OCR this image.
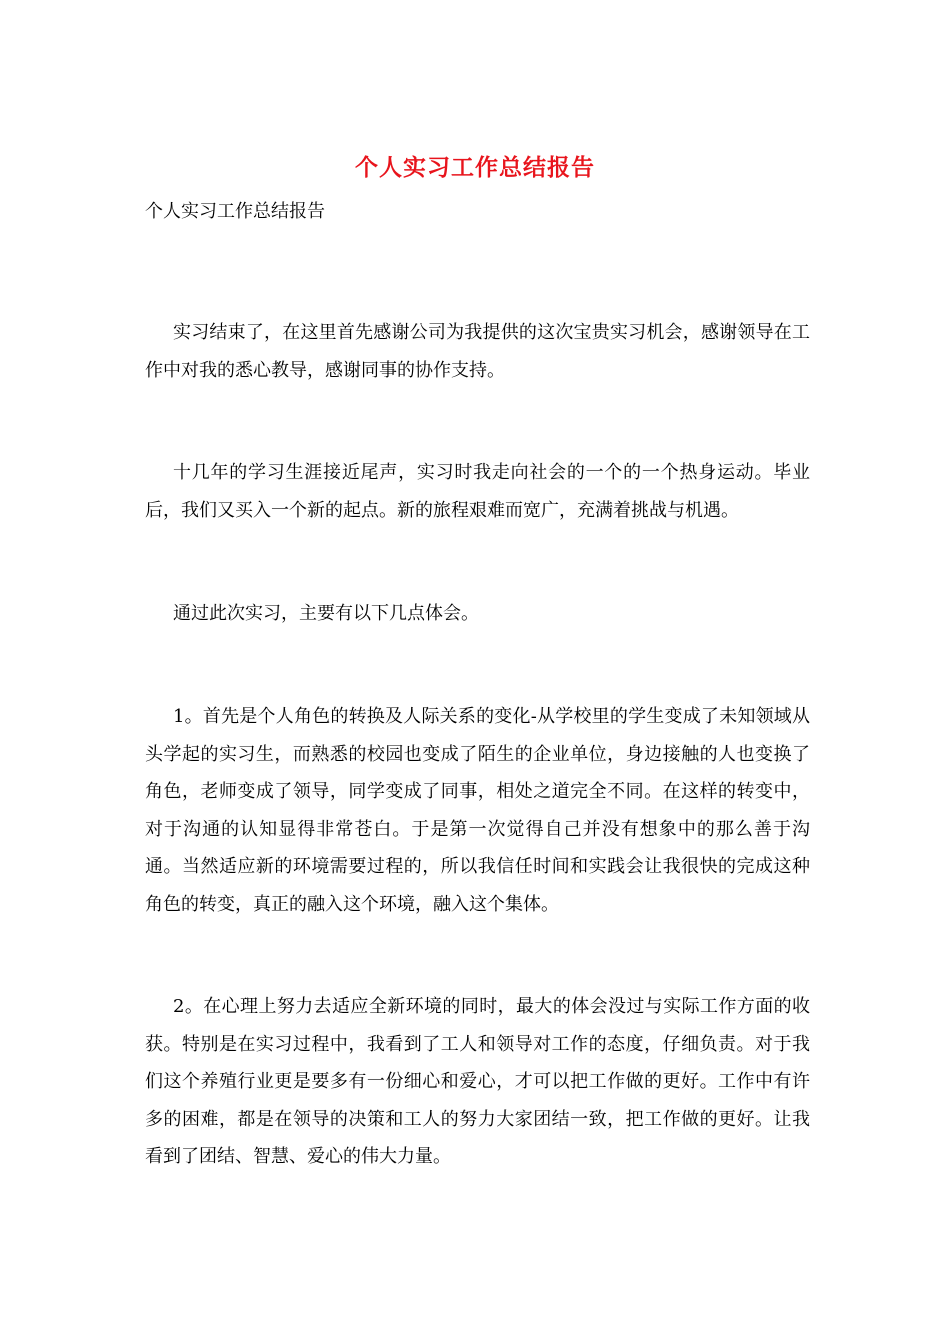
个人实习工作总结报告
个人实习工作总结报告

实习结束了，在这里首先感谢公司为我提供的这次宝贵实习机会，感谢领导在工作中对我的悉心教导，感谢同事的协作支持。

十几年的学习生涯接近尾声，实习时我走向社会的一个的一个热身运动。毕业后，我们又买入一个新的起点。新的旅程艰难而宽广，充满着挑战与机遇。

通过此次实习，主要有以下几点体会。

1。首先是个人角色的转换及人际关系的变化-从学校里的学生变成了未知领域从头学起的实习生，而熟悉的校园也变成了陌生的企业单位，身边接触的人也变换了角色，老师变成了领导，同学变成了同事，相处之道完全不同。在这样的转变中，对于沟通的认知显得非常苍白。于是第一次觉得自己并没有想象中的那么善于沟通。当然适应新的环境需要过程的，所以我信任时间和实践会让我很快的完成这种角色的转变，真正的融入这个环境，融入这个集体。

2。在心理上努力去适应全新环境的同时，最大的体会没过与实际工作方面的收获。特别是在实习过程中，我看到了工人和领导对工作的态度，仔细负责。对于我们这个养殖行业更是要多有一份细心和爱心，才可以把工作做的更好。工作中有许多的困难，都是在领导的决策和工人的努力大家团结一致，把工作做的更好。让我看到了团结、智慧、爱心的伟大力量。
